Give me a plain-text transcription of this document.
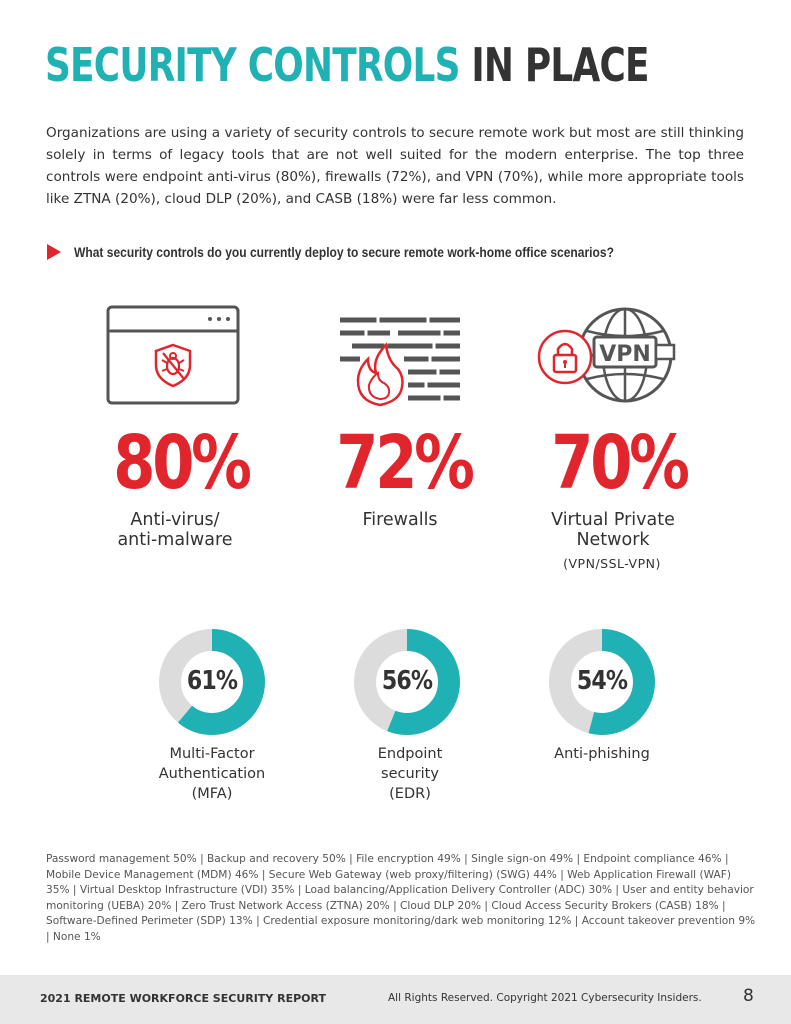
SECURITY CONTROLS IN PLACE
Organizations are using a variety of security controls to secure remote work but most are still thinking solely in terms of legacy tools that are not well suited for the modern enterprise. The top three controls were endpoint anti-virus (80%), firewalls (72%), and VPN (70%), while more appropriate tools like ZTNA (20%), cloud DLP (20%), and CASB (18%) were far less common.
What security controls do you currently deploy to secure remote work-home office scenarios?
VPN
80% 72% 70%
Anti-virus/
anti-malware
Firewalls	Virtual Private
Network
(VPN/SSL-VPN)
61%	56%	54%
Multi-Factor
Authentication
(MFA)
Endpoint
security
(EDR)
Anti-phishing
Password management 50% | Backup and recovery 50% | File encryption 49% | Single sign-on 49% | Endpoint compliance 46% | Mobile Device Management (MDM) 46% | Secure Web Gateway (web proxy/filtering) (SWG) 44% | Web Application Firewall (WAF) 35% | Virtual Desktop Infrastructure (VDI) 35% | Load balancing/Application Delivery Controller (ADC) 30% | User and entity behavior monitoring (UEBA) 20% | Zero Trust Network Access (ZTNA) 20% | Cloud DLP 20% | Cloud Access Security Brokers (CASB) 18% | Software-Defined Perimeter (SDP) 13% | Credential exposure monitoring/dark web monitoring 12% | Account takeover prevention 9% | None 1%
2021 REMOTE WORKFORCE SECURITY REPORT	All Rights Reserved. Copyright 2021 Cybersecurity Insiders. 8
